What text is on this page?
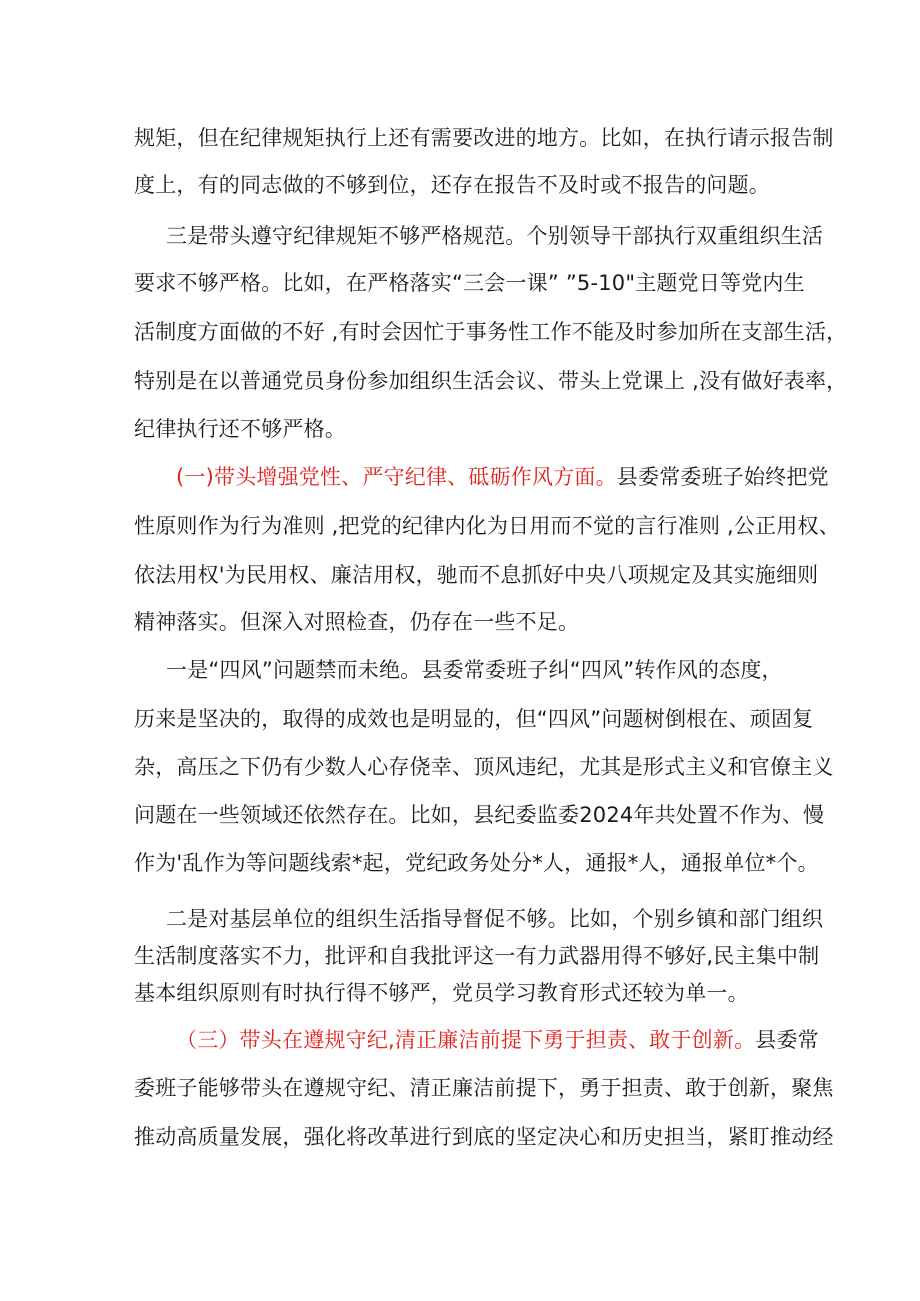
规矩，但在纪律规矩执行上还有需要改进的地方。比如，在执行请示报告制
度上，有的同志做的不够到位，还存在报告不及时或不报告的问题。
三是带头遵守纪律规矩不够严格规范。个别领导干部执行双重组织生活
要求不够严格。比如，在严格落实“三会一课” ”5-10"主题党日等党内生
活制度方面做的不好 ,有时会因忙于事务性工作不能及时参加所在支部生活，
特别是在以普通党员身份参加组织生活会议、带头上党课上 ,没有做好表率，
纪律执行还不够严格。
(一)带头增强党性、严守纪律、砥砺作风方面。县委常委班子始终把党
性原则作为行为准则 ,把党的纪律内化为日用而不觉的言行准则 ,公正用权、
依法用权'为民用权、廉洁用权，驰而不息抓好中央八项规定及其实施细则
精神落实。但深入对照检查，仍存在一些不足。
一是“四风”问题禁而未绝。县委常委班子纠“四风”转作风的态度，
历来是坚决的，取得的成效也是明显的，但“四风”问题树倒根在、顽固复
杂，高压之下仍有少数人心存侥幸、顶风违纪，尤其是形式主义和官僚主义
问题在一些领域还依然存在。比如，县纪委监委2024年共处置不作为、慢
作为'乱作为等问题线索*起，党纪政务处分*人，通报*人，通报单位*个。
二是对基层单位的组织生活指导督促不够。比如，个别乡镇和部门组织
生活制度落实不力，批评和自我批评这一有力武器用得不够好,民主集中制
基本组织原则有时执行得不够严，党员学习教育形式还较为单一。
（三）带头在遵规守纪,清正廉洁前提下勇于担责、敢于创新。县委常
委班子能够带头在遵规守纪、清正廉洁前提下，勇于担责、敢于创新，聚焦
推动高质量发展，强化将改革进行到底的坚定决心和历史担当，紧盯推动经
